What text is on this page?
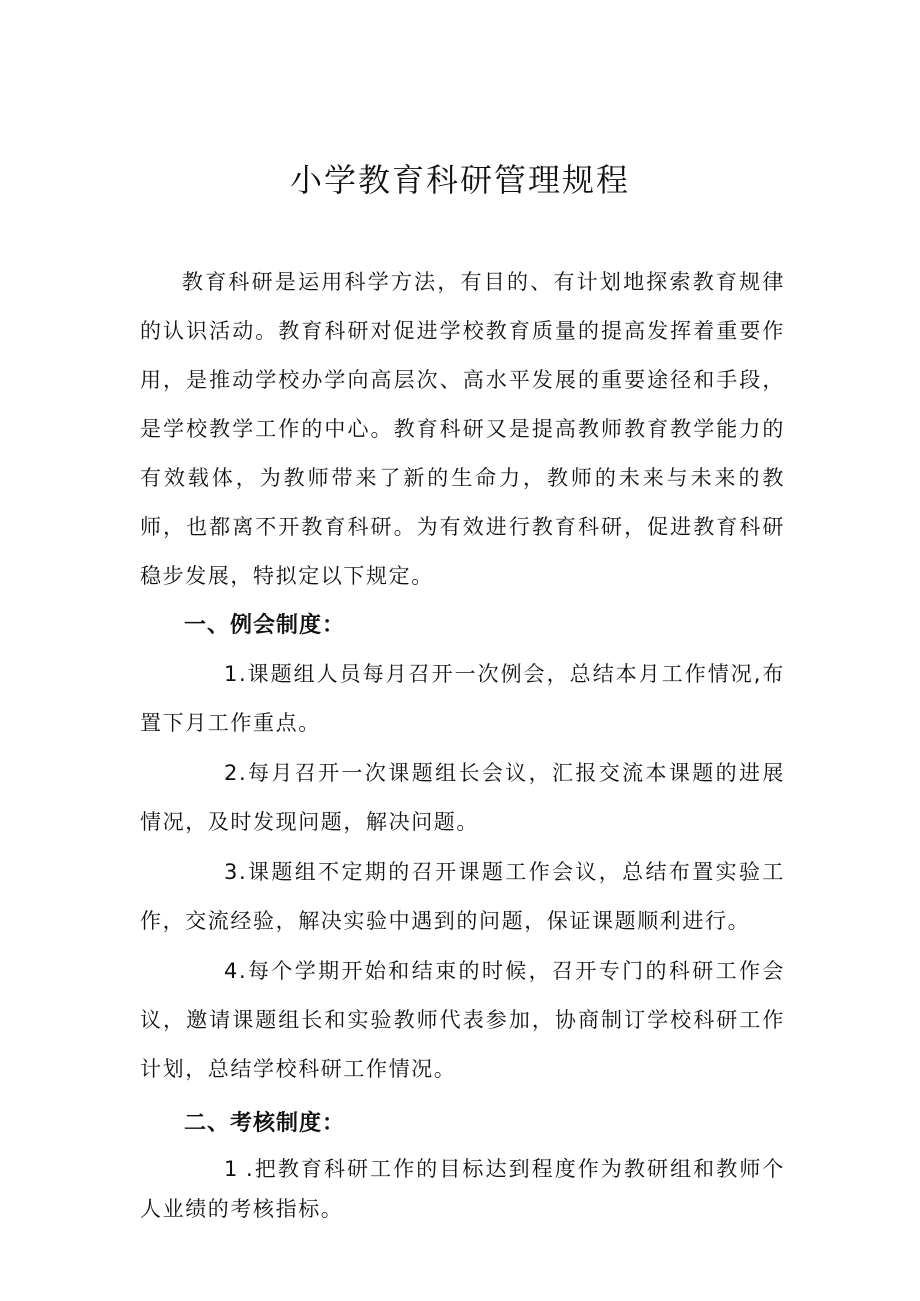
小学教育科研管理规程

教育科研是运用科学方法，有目的、有计划地探索教育规律的认识活动。教育科研对促进学校教育质量的提高发挥着重要作用，是推动学校办学向高层次、高水平发展的重要途径和手段，是学校教学工作的中心。教育科研又是提高教师教育教学能力的有效载体，为教师带来了新的生命力，教师的未来与未来的教师，也都离不开教育科研。为有效进行教育科研，促进教育科研稳步发展，特拟定以下规定。

一、例会制度：

1.课题组人员每月召开一次例会，总结本月工作情况,布置下月工作重点。

2.每月召开一次课题组长会议，汇报交流本课题的进展情况，及时发现问题，解决问题。

3.课题组不定期的召开课题工作会议，总结布置实验工作，交流经验，解决实验中遇到的问题，保证课题顺利进行。

4.每个学期开始和结束的时候，召开专门的科研工作会议，邀请课题组长和实验教师代表参加，协商制订学校科研工作计划，总结学校科研工作情况。

二、考核制度：

1 .把教育科研工作的目标达到程度作为教研组和教师个人业绩的考核指标。
